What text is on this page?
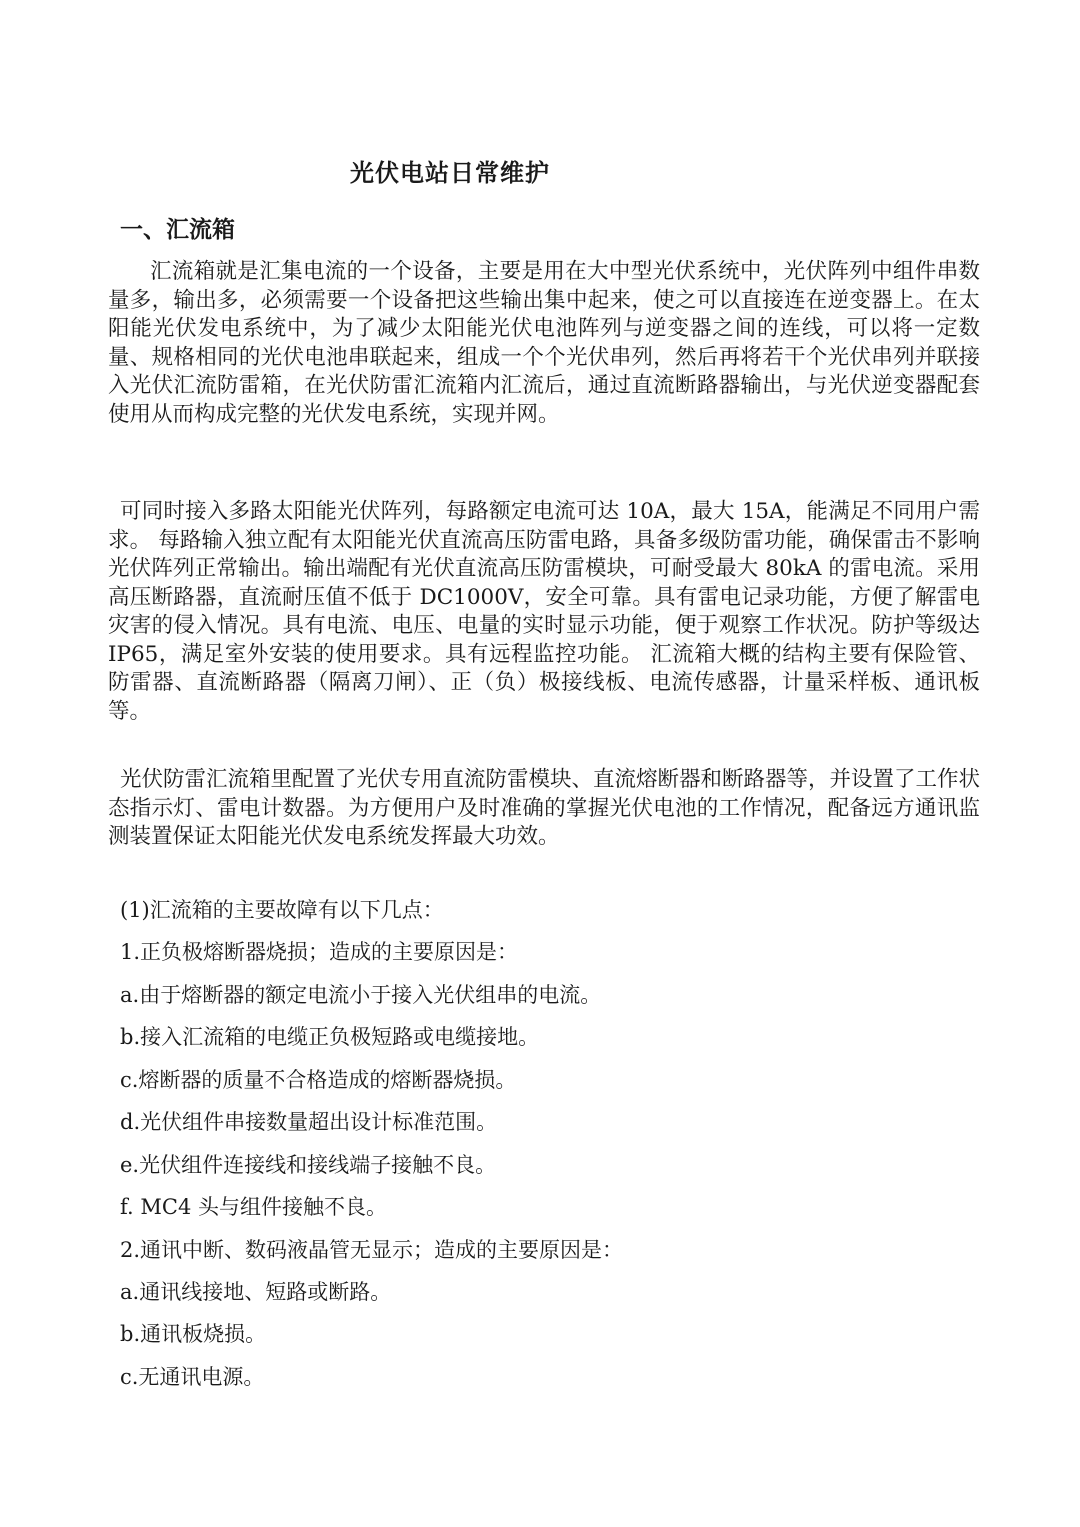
光伏电站日常维护
一、汇流箱

汇流箱就是汇集电流的一个设备，主要是用在大中型光伏系统中，光伏阵列中组件串数量多，输出多，必须需要一个设备把这些输出集中起来，使之可以直接连在逆变器上。在太阳能光伏发电系统中，为了减少太阳能光伏电池阵列与逆变器之间的连线，可以将一定数量、规格相同的光伏电池串联起来，组成一个个光伏串列，然后再将若干个光伏串列并联接入光伏汇流防雷箱，在光伏防雷汇流箱内汇流后，通过直流断路器输出，与光伏逆变器配套使用从而构成完整的光伏发电系统，实现并网。

可同时接入多路太阳能光伏阵列，每路额定电流可达 10A，最大 15A，能满足不同用户需求。 每路输入独立配有太阳能光伏直流高压防雷电路，具备多级防雷功能，确保雷击不影响光伏阵列正常输出。输出端配有光伏直流高压防雷模块，可耐受最大 80kA 的雷电流。采用高压断路器，直流耐压值不低于 DC1000V，安全可靠。具有雷电记录功能，方便了解雷电灾害的侵入情况。具有电流、电压、电量的实时显示功能，便于观察工作状况。防护等级达 IP65，满足室外安装的使用要求。具有远程监控功能。 汇流箱大概的结构主要有保险管、防雷器、直流断路器（隔离刀闸）、正（负）极接线板、电流传感器，计量采样板、通讯板等。

光伏防雷汇流箱里配置了光伏专用直流防雷模块、直流熔断器和断路器等，并设置了工作状态指示灯、雷电计数器。为方便用户及时准确的掌握光伏电池的工作情况，配备远方通讯监测装置保证太阳能光伏发电系统发挥最大功效。

(1)汇流箱的主要故障有以下几点：
1.正负极熔断器烧损；造成的主要原因是：
a.由于熔断器的额定电流小于接入光伏组串的电流。
b.接入汇流箱的电缆正负极短路或电缆接地。
c.熔断器的质量不合格造成的熔断器烧损。
d.光伏组件串接数量超出设计标准范围。
e.光伏组件连接线和接线端子接触不良。
f. MC4 头与组件接触不良。
2.通讯中断、数码液晶管无显示；造成的主要原因是：
a.通讯线接地、短路或断路。
b.通讯板烧损。
c.无通讯电源。
